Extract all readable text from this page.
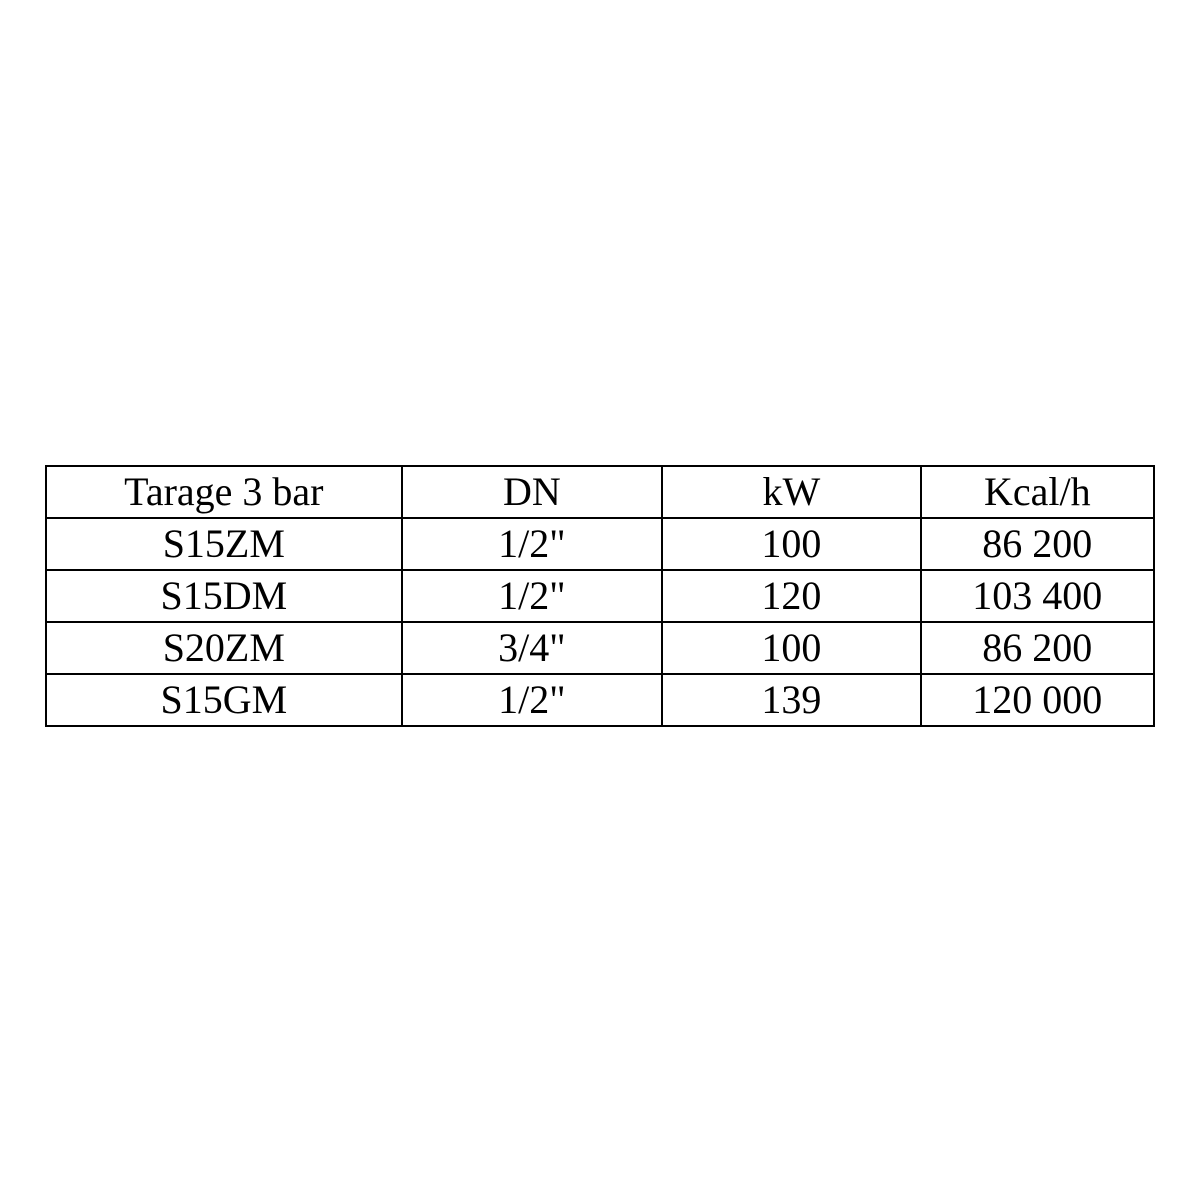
Tarage 3 bar	DN	kW	Kcal/h
S15ZM	1/2"	100	86 200
S15DM	1/2"	120	103 400
S20ZM	3/4"	100	86 200
S15GM	1/2"	139	120 000
